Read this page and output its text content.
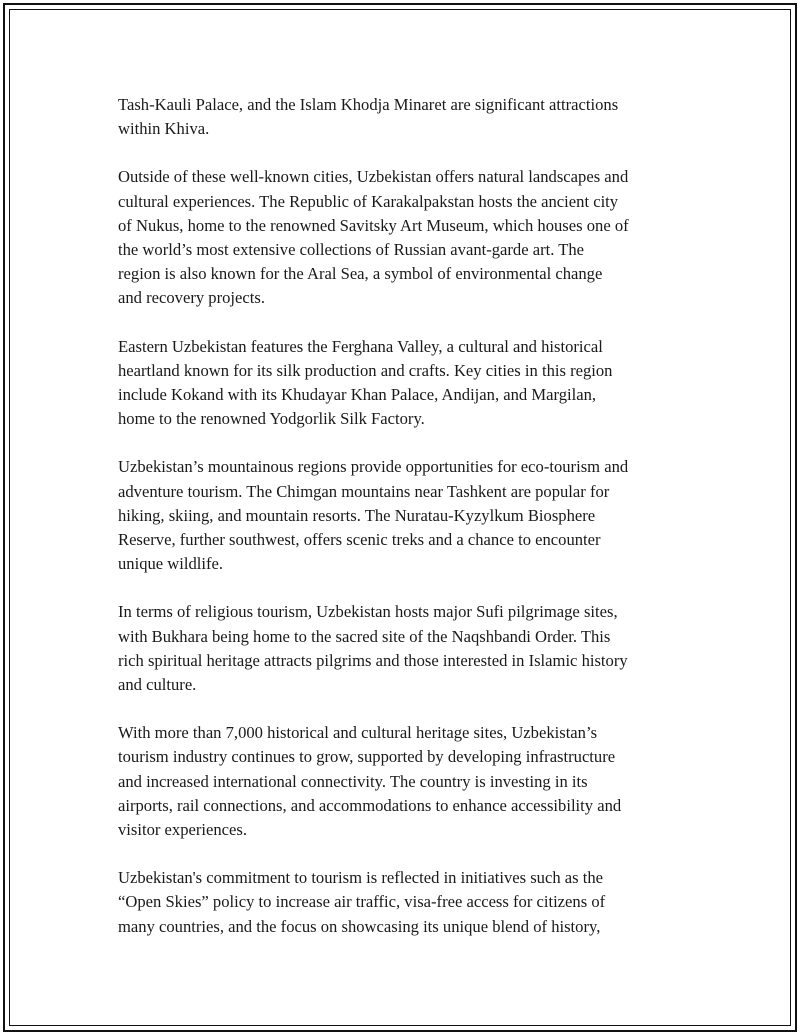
Tash-Kauli Palace, and the Islam Khodja Minaret are significant attractions
within Khiva.

Outside of these well-known cities, Uzbekistan offers natural landscapes and
cultural experiences. The Republic of Karakalpakstan hosts the ancient city
of Nukus, home to the renowned Savitsky Art Museum, which houses one of
the world’s most extensive collections of Russian avant-garde art. The
region is also known for the Aral Sea, a symbol of environmental change
and recovery projects.

Eastern Uzbekistan features the Ferghana Valley, a cultural and historical
heartland known for its silk production and crafts. Key cities in this region
include Kokand with its Khudayar Khan Palace, Andijan, and Margilan,
home to the renowned Yodgorlik Silk Factory.

Uzbekistan’s mountainous regions provide opportunities for eco-tourism and
adventure tourism. The Chimgan mountains near Tashkent are popular for
hiking, skiing, and mountain resorts. The Nuratau-Kyzylkum Biosphere
Reserve, further southwest, offers scenic treks and a chance to encounter
unique wildlife.

In terms of religious tourism, Uzbekistan hosts major Sufi pilgrimage sites,
with Bukhara being home to the sacred site of the Naqshbandi Order. This
rich spiritual heritage attracts pilgrims and those interested in Islamic history
and culture.

With more than 7,000 historical and cultural heritage sites, Uzbekistan’s
tourism industry continues to grow, supported by developing infrastructure
and increased international connectivity. The country is investing in its
airports, rail connections, and accommodations to enhance accessibility and
visitor experiences.

Uzbekistan's commitment to tourism is reflected in initiatives such as the
“Open Skies” policy to increase air traffic, visa-free access for citizens of
many countries, and the focus on showcasing its unique blend of history,
